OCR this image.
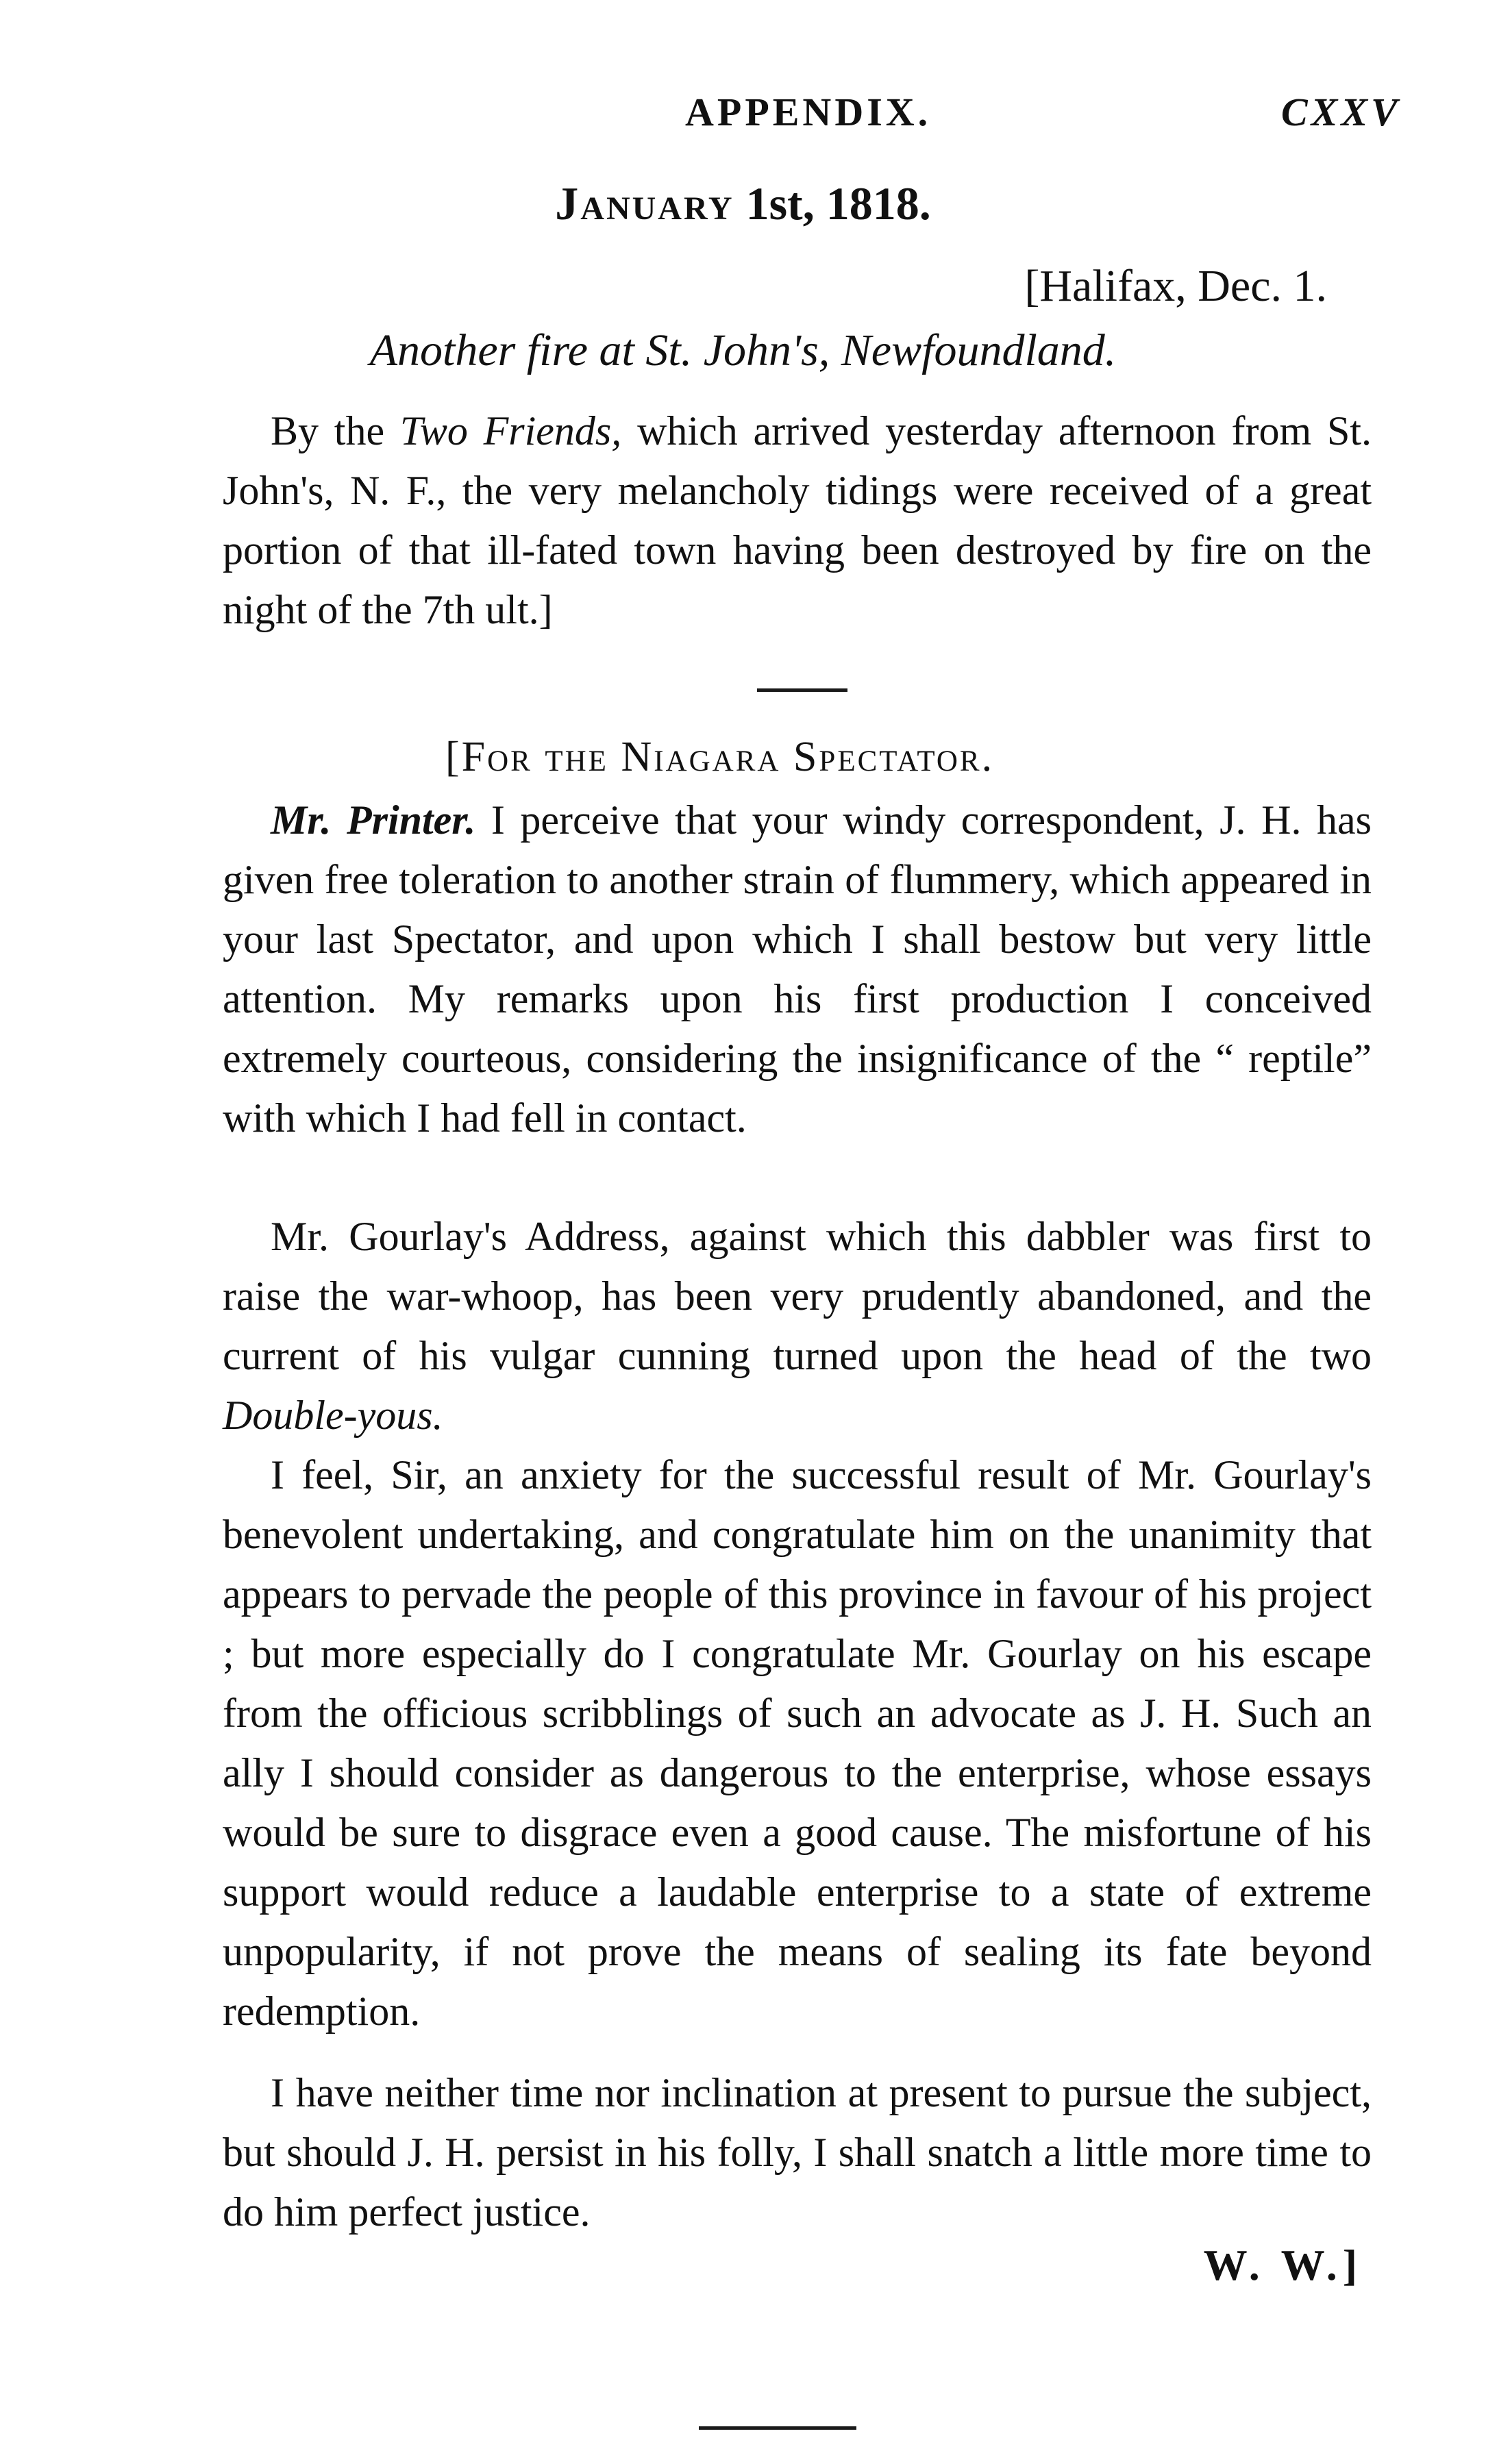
APPENDIX.	CXXV
January 1st, 1818.
[Halifax, Dec. 1.
Another fire at St. John's, Newfoundland.

By the Two Friends, which arrived yesterday afternoon from St. John's, N. F., the very melancholy tidings were received of a great portion of that ill-fated town having been destroyed by fire on the night of the 7th ult.]

[For the Niagara Spectator.

Mr. Printer. I perceive that your windy correspondent, J. H. has given free toleration to another strain of flummery, which appeared in your last Spectator, and upon which I shall bestow but very little attention. My remarks upon his first production I conceived extremely courteous, considering the insignificance of the “ reptile” with which I had fell in contact.

Mr. Gourlay's Address, against which this dabbler was first to raise the war-whoop, has been very prudently abandoned, and the current of his vulgar cunning turned upon the head of the two Double-yous.

I feel, Sir, an anxiety for the successful result of Mr. Gourlay's benevolent undertaking, and congratulate him on the unanimity that appears to pervade the people of this province in favour of his project ; but more especially do I congratulate Mr. Gourlay on his escape from the officious scribblings of such an advocate as J. H. Such an ally I should consider as dangerous to the enterprise, whose essays would be sure to disgrace even a good cause. The misfortune of his support would reduce a laudable enterprise to a state of extreme unpopularity, if not prove the means of sealing its fate beyond redemption.

I have neither time nor inclination at present to pursue the subject, but should J. H. persist in his folly, I shall snatch a little more time to do him perfect justice.

W. W.]
